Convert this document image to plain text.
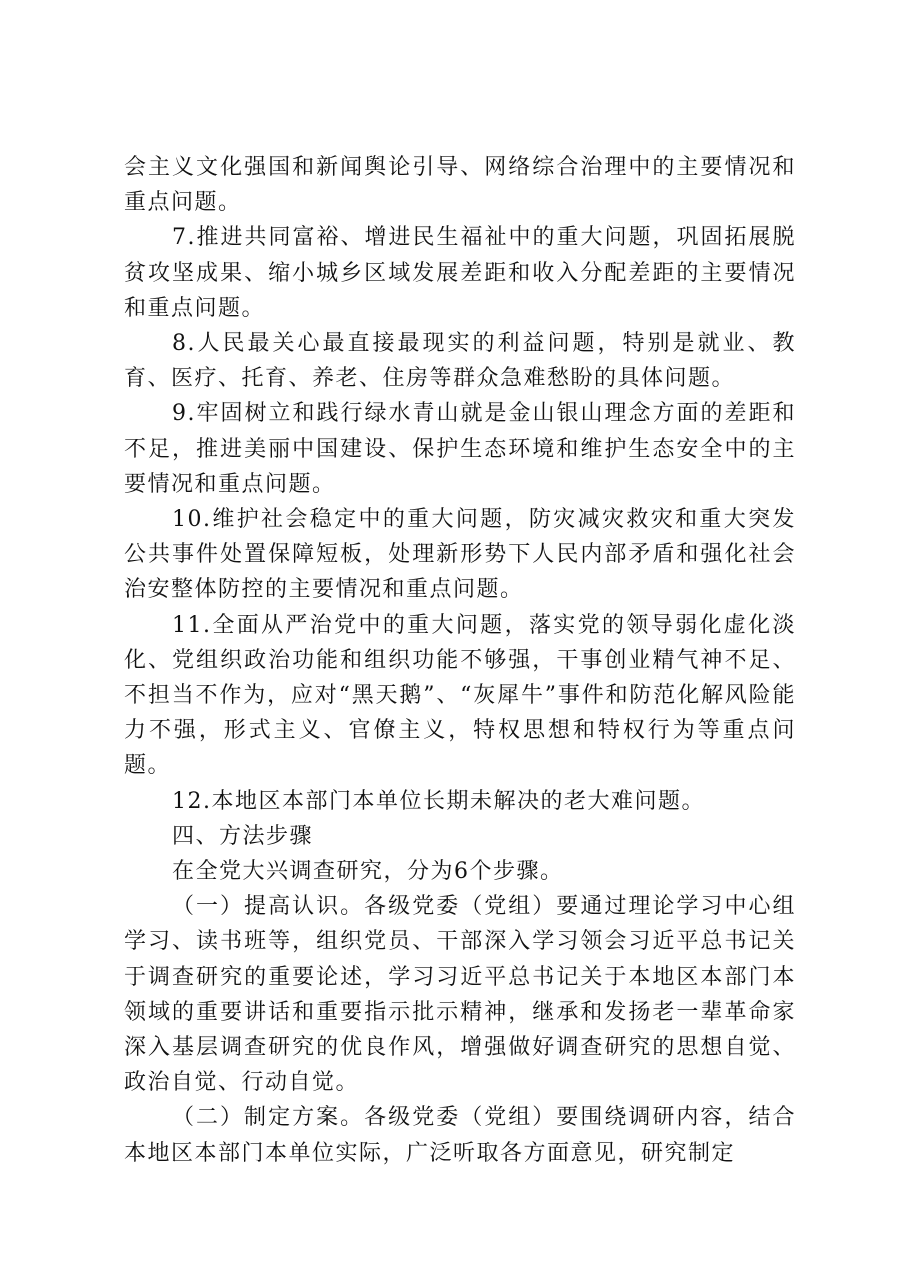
会主义文化强国和新闻舆论引导、网络综合治理中的主要情况和重点问题。

7.推进共同富裕、增进民生福祉中的重大问题，巩固拓展脱贫攻坚成果、缩小城乡区域发展差距和收入分配差距的主要情况和重点问题。

8.人民最关心最直接最现实的利益问题，特别是就业、教育、医疗、托育、养老、住房等群众急难愁盼的具体问题。

9.牢固树立和践行绿水青山就是金山银山理念方面的差距和不足，推进美丽中国建设、保护生态环境和维护生态安全中的主要情况和重点问题。

10.维护社会稳定中的重大问题，防灾减灾救灾和重大突发公共事件处置保障短板，处理新形势下人民内部矛盾和强化社会治安整体防控的主要情况和重点问题。

11.全面从严治党中的重大问题，落实党的领导弱化虚化淡化、党组织政治功能和组织功能不够强，干事创业精气神不足、不担当不作为，应对“黑天鹅”、“灰犀牛”事件和防范化解风险能力不强，形式主义、官僚主义，特权思想和特权行为等重点问题。

12.本地区本部门本单位长期未解决的老大难问题。

四、方法步骤

在全党大兴调查研究，分为6个步骤。

（一）提高认识。各级党委（党组）要通过理论学习中心组学习、读书班等，组织党员、干部深入学习领会习近平总书记关于调查研究的重要论述，学习习近平总书记关于本地区本部门本领域的重要讲话和重要指示批示精神，继承和发扬老一辈革命家深入基层调查研究的优良作风，增强做好调查研究的思想自觉、政治自觉、行动自觉。

（二）制定方案。各级党委（党组）要围绕调研内容，结合本地区本部门本单位实际，广泛听取各方面意见，研究制定
